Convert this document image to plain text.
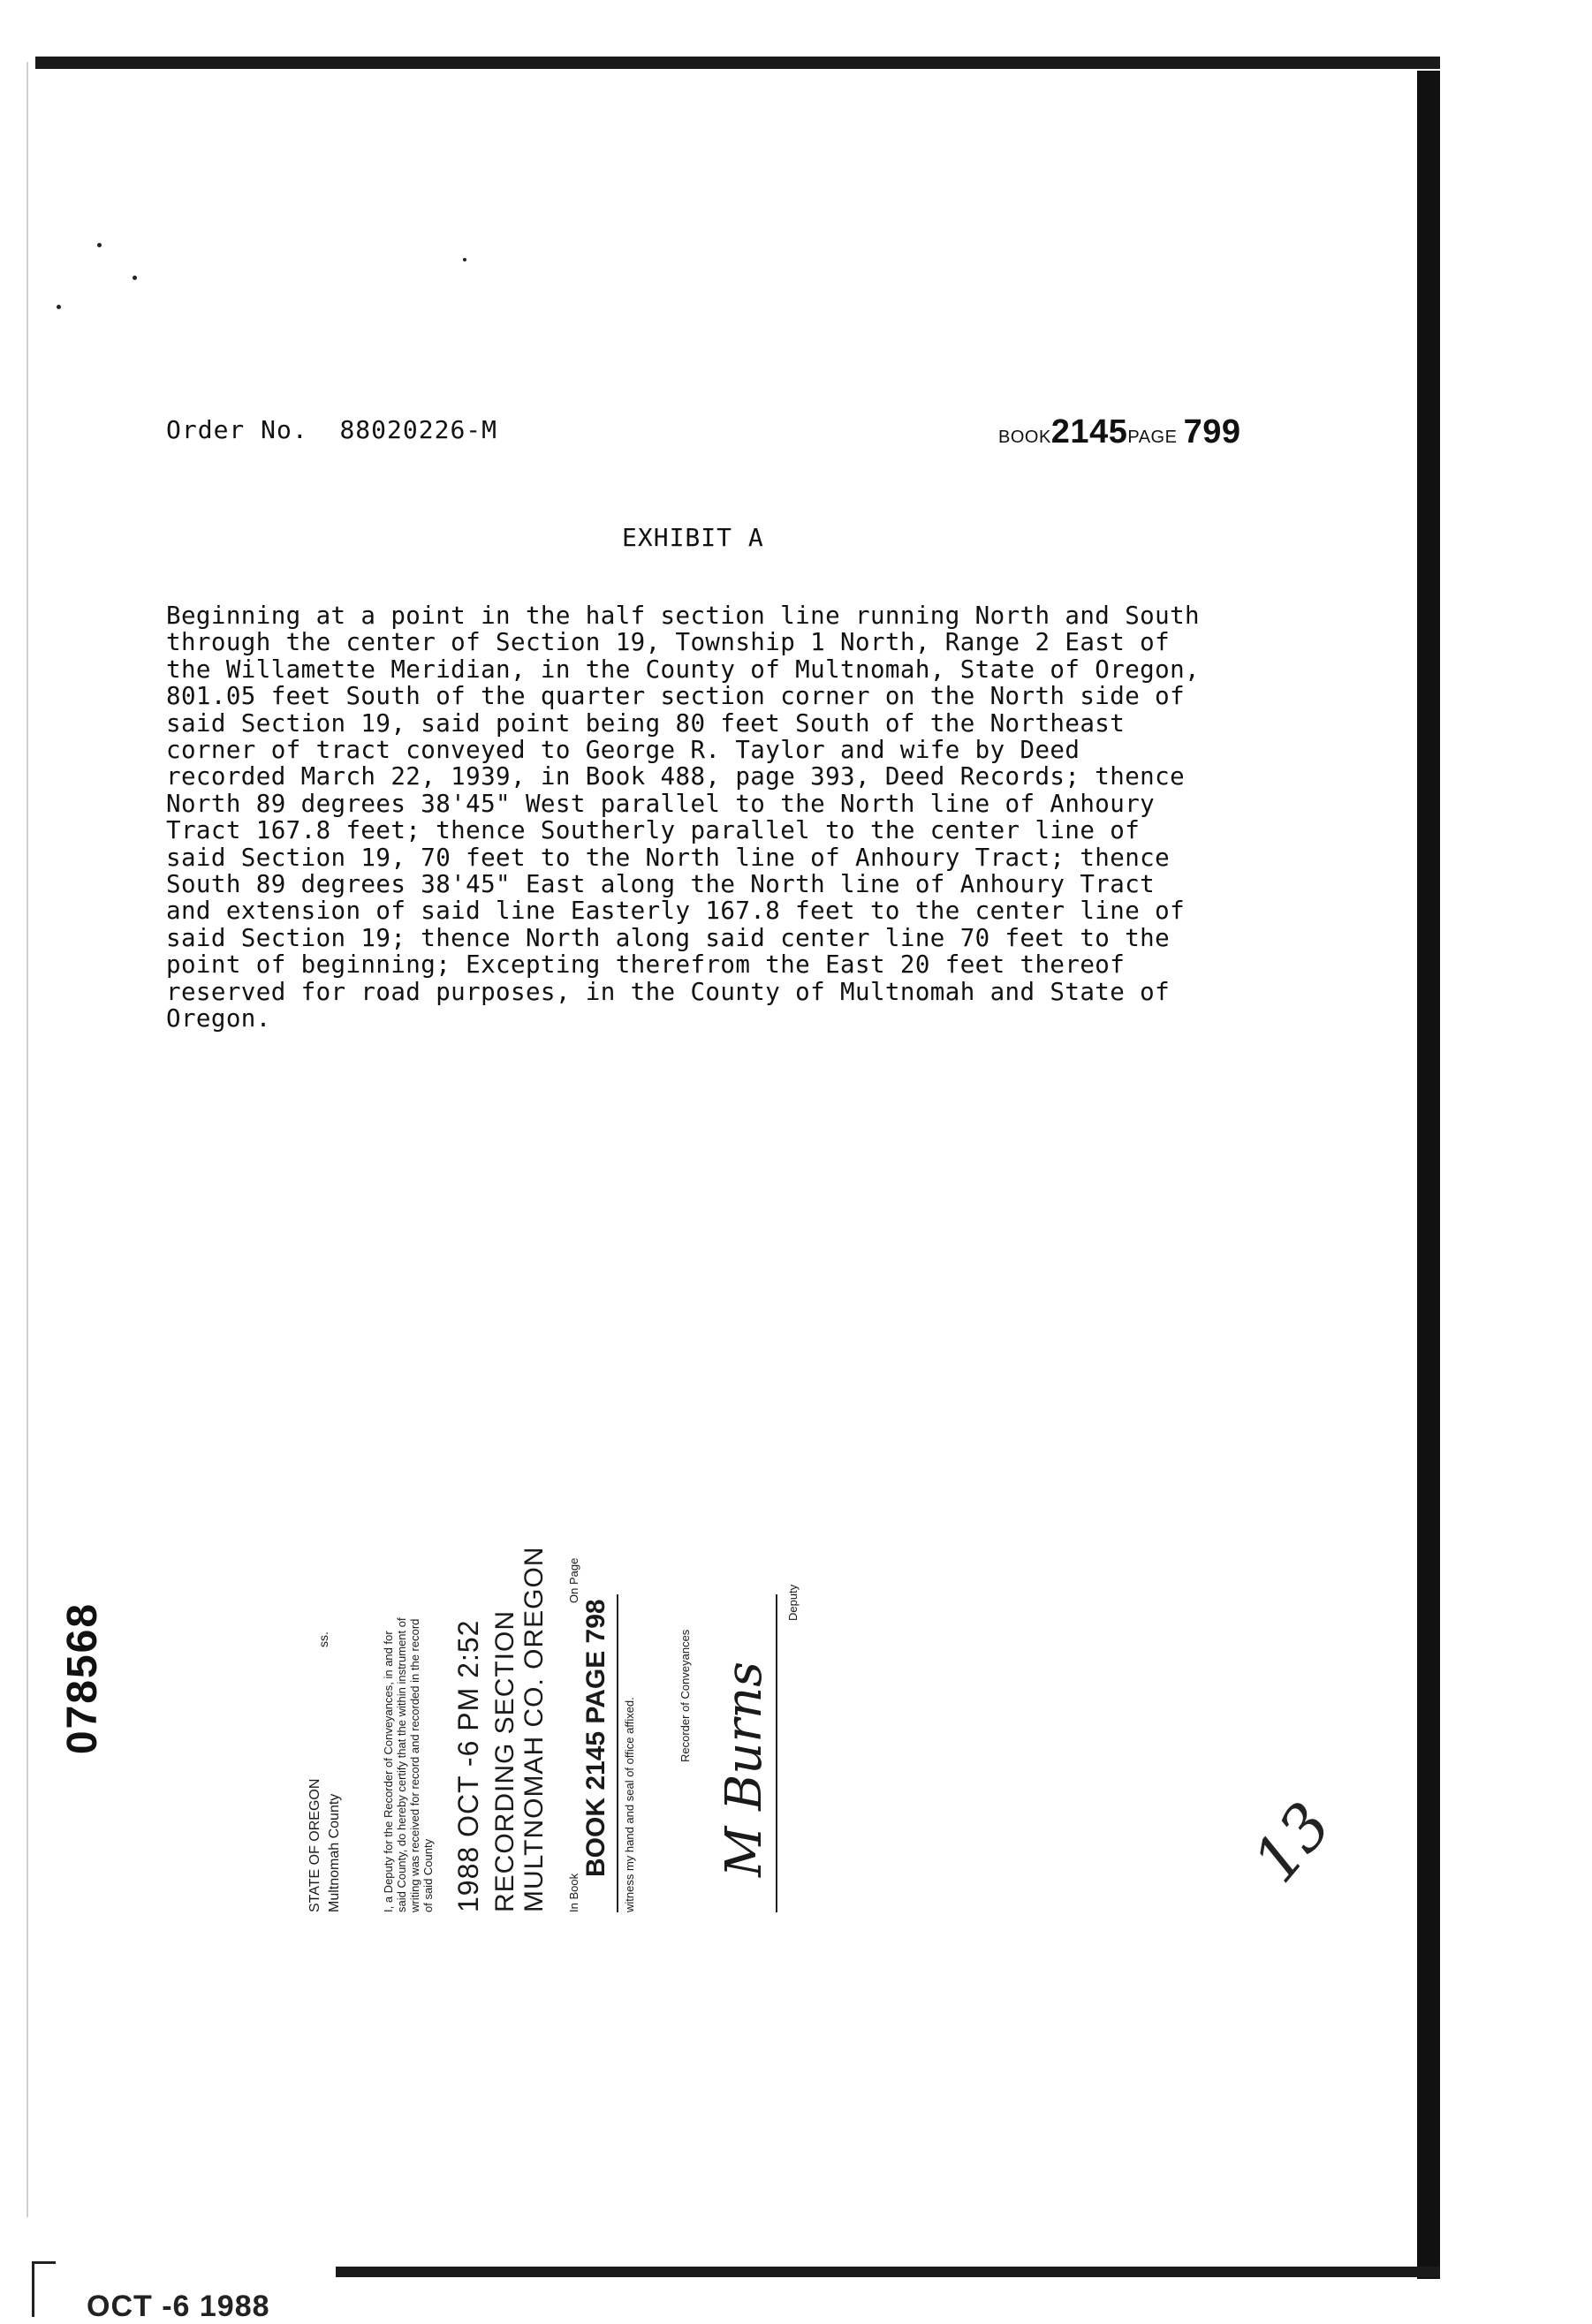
Order No. 88020226-M	BOOK2145PAGE 799
EXHIBIT A
Beginning at a point in the half section line running North and South
through the center of Section 19, Township 1 North, Range 2 East of
the Willamette Meridian, in the County of Multnomah, State of Oregon,
801.05 feet South of the quarter section corner on the North side of
said Section 19, said point being 80 feet South of the Northeast
corner of tract conveyed to George R. Taylor and wife by Deed
recorded March 22, 1939, in Book 488, page 393, Deed Records; thence
North 89 degrees 38'45" West parallel to the North line of Anhoury
Tract 167.8 feet; thence Southerly parallel to the center line of
said Section 19, 70 feet to the North line of Anhoury Tract; thence
South 89 degrees 38'45" East along the North line of Anhoury Tract
and extension of said line Easterly 167.8 feet to the center line of
said Section 19; thence North along said center line 70 feet to the
point of beginning; Excepting therefrom the East 20 feet thereof
reserved for road purposes, in the County of Multnomah and State of
Oregon.
078568
STATE OF OREGON Multnomah County
ss.
I, a Deputy for the Recorder of Conveyances, in and for
said County, do hereby certify that the within instrument of
writing was received for record and recorded in the record
of said County 1988 OCT -6 PM 2:52 RECORDING SECTION MULTNOMAH CO. OREGON In Book
BOOK 2145 PAGE 798
On Page
witness my hand and seal of office affixed.
Recorder of Conveyances M Burns
Deputy
13
OCT -6 1988
